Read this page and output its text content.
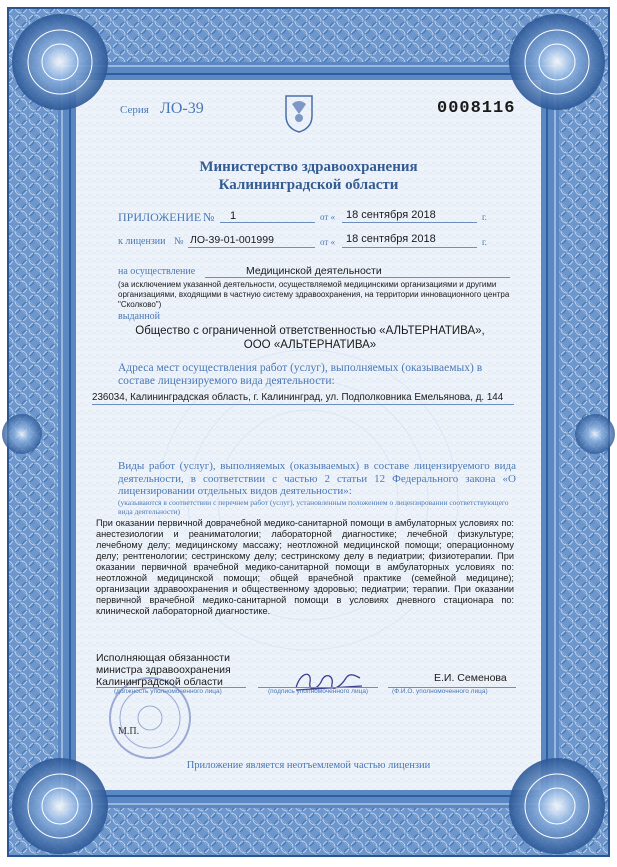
Серия ЛО-39	0008116
Министерство здравоохранения
Калининградской области
ПРИЛОЖЕНИЕ № 1	от « 18 сентября 2018	г.
к лицензии № ЛО-39-01-001999	от « 18 сентября 2018	г.
на осуществление	Медицинской деятельности
(за исключением указанной деятельности, осуществляемой медицинскими организациями и другими организациями, входящими в частную систему здравоохранения, на территории инновационного центра "Сколково")
выданной
Общество с ограниченной ответственностью «АЛЬТЕРНАТИВА»,
ООО «АЛЬТЕРНАТИВА»
Адреса мест осуществления работ (услуг), выполняемых (оказываемых) в составе лицензируемого вида деятельности:
236034, Калининградская область, г. Калининград, ул. Подполковника Емельянова, д. 144
Виды работ (услуг), выполняемых (оказываемых) в составе лицензируемого вида деятельности, в соответствии с частью 2 статьи 12 Федерального закона «О лицензировании отдельных видов деятельности»:
(указываются в соответствии с перечнем работ (услуг), установленным положением о лицензировании соответствующего вида деятельности)
При оказании первичной доврачебной медико-санитарной помощи в амбулаторных условиях по: анестезиологии и реаниматологии; лабораторной диагностике; лечебной физкультуре; лечебному делу; медицинскому массажу; неотложной медицинской помощи; операционному делу; рентгенологии; сестринскому делу; сестринскому делу в педиатрии; физиотерапии. При оказании первичной врачебной медико-санитарной помощи в амбулаторных условиях по: неотложной медицинской помощи; общей врачебной практике (семейной медицине); организации здравоохранения и общественному здоровью; педиатрии; терапии. При оказании первичной врачебной медико-санитарной помощи в условиях дневного стационара по: клинической лабораторной диагностике.
Исполняющая обязанности
министра здравоохранения
Калининградской области
(должность уполномоченного лица)	(подпись уполномоченного лица)	(Ф.И.О. уполномоченного лица)
Е.И. Семенова
М.П.
Приложение является неотъемлемой частью лицензии
